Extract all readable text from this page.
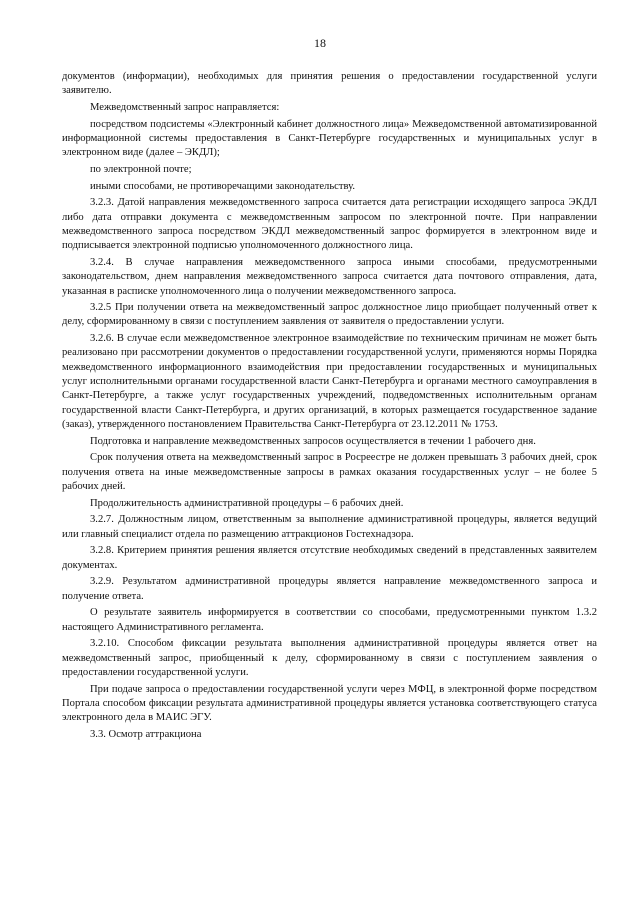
18

документов (информации), необходимых для принятия решения о предоставлении государственной услуги заявителю.

Межведомственный запрос направляется:

посредством подсистемы «Электронный кабинет должностного лица» Межведомственной автоматизированной информационной системы предоставления в Санкт-Петербурге государственных и муниципальных услуг в электронном виде (далее – ЭКДЛ);

по электронной почте;

иными способами, не противоречащими законодательству.

3.2.3. Датой направления межведомственного запроса считается дата регистрации исходящего запроса ЭКДЛ либо дата отправки документа с межведомственным запросом по электронной почте. При направлении межведомственного запроса посредством ЭКДЛ межведомственный запрос формируется в электронном виде и подписывается электронной подписью уполномоченного должностного лица.

3.2.4. В случае направления межведомственного запроса иными способами, предусмотренными законодательством, днем направления межведомственного запроса считается дата почтового отправления, дата, указанная в расписке уполномоченного лица о получении межведомственного запроса.

3.2.5 При получении ответа на межведомственный запрос должностное лицо приобщает полученный ответ к делу, сформированному в связи с поступлением заявления от заявителя о предоставлении услуги.

3.2.6. В случае если межведомственное электронное взаимодействие по техническим причинам не может быть реализовано при рассмотрении документов о предоставлении государственной услуги, применяются нормы Порядка межведомственного информационного взаимодействия при предоставлении государственных и муниципальных услуг исполнительными органами государственной власти Санкт-Петербурга и органами местного самоуправления в Санкт-Петербурге, а также услуг государственных учреждений, подведомственных исполнительным органам государственной власти Санкт-Петербурга, и других организаций, в которых размещается государственное задание (заказ), утвержденного постановлением Правительства Санкт-Петербурга от 23.12.2011 № 1753.

Подготовка и направление межведомственных запросов осуществляется в течении 1 рабочего дня.

Срок получения ответа на межведомственный запрос в Росреестре не должен превышать 3 рабочих дней, срок получения ответа на иные межведомственные запросы в рамках оказания государственных услуг – не более 5 рабочих дней.

Продолжительность административной процедуры – 6 рабочих дней.

3.2.7. Должностным лицом, ответственным за выполнение административной процедуры, является ведущий или главный специалист отдела по размещению аттракционов Гостехнадзора.

3.2.8. Критерием принятия решения является отсутствие необходимых сведений в представленных заявителем документах.

3.2.9. Результатом административной процедуры является направление межведомственного запроса и получение ответа.

О результате заявитель информируется в соответствии со способами, предусмотренными пунктом 1.3.2 настоящего Административного регламента.

3.2.10. Способом фиксации результата выполнения административной процедуры является ответ на межведомственный запрос, приобщенный к делу, сформированному в связи с поступлением заявления о предоставлении государственной услуги.

При подаче запроса о предоставлении государственной услуги через МФЦ, в электронной форме посредством Портала способом фиксации результата административной процедуры является установка соответствующего статуса электронного дела в МАИС ЭГУ.

3.3. Осмотр аттракциона
